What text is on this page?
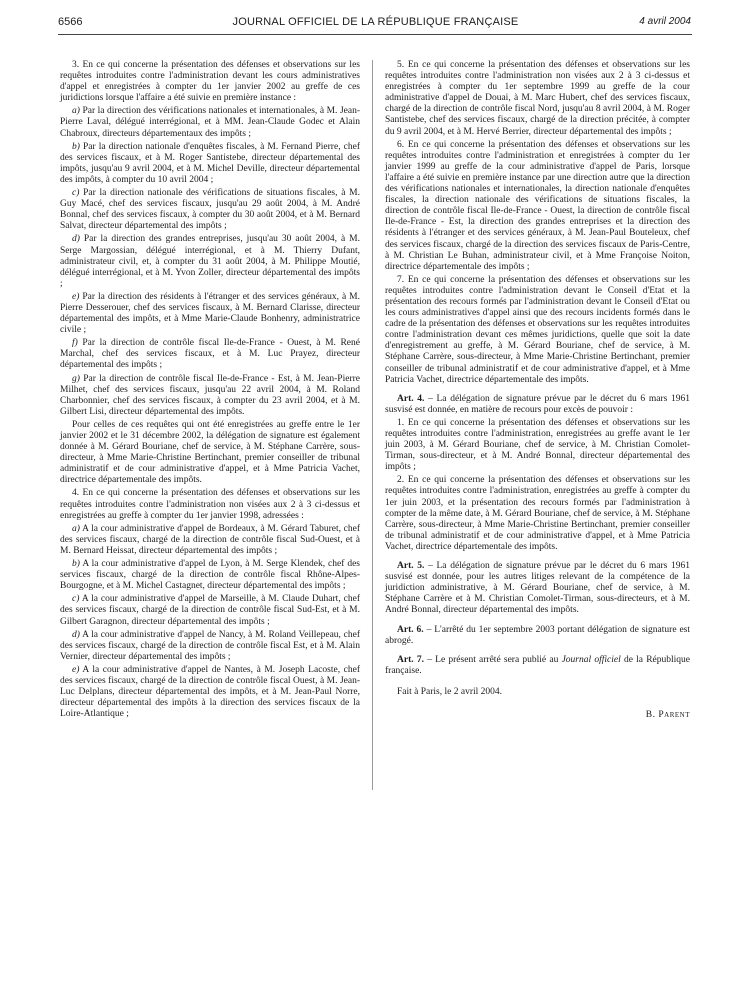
6566	JOURNAL OFFICIEL DE LA RÉPUBLIQUE FRANÇAISE	4 avril 2004

3. En ce qui concerne la présentation des défenses et observations sur les requêtes introduites contre l'administration devant les cours administratives d'appel et enregistrées à compter du 1er janvier 2002 au greffe de ces juridictions lorsque l'affaire a été suivie en première instance :

a) Par la direction des vérifications nationales et internationales, à M. Jean-Pierre Laval, délégué interrégional, et à MM. Jean-Claude Godec et Alain Chabroux, directeurs départementaux des impôts ;

b) Par la direction nationale d'enquêtes fiscales, à M. Fernand Pierre, chef des services fiscaux, et à M. Roger Santistebe, directeur départemental des impôts, jusqu'au 9 avril 2004, et à M. Michel Deville, directeur départemental des impôts, à compter du 10 avril 2004 ;

c) Par la direction nationale des vérifications de situations fiscales, à M. Guy Macé, chef des services fiscaux, jusqu'au 29 août 2004, à M. André Bonnal, chef des services fiscaux, à compter du 30 août 2004, et à M. Bernard Salvat, directeur départemental des impôts ;

d) Par la direction des grandes entreprises, jusqu'au 30 août 2004, à M. Serge Margossian, délégué interrégional, et à M. Thierry Dufant, administrateur civil, et, à compter du 31 août 2004, à M. Philippe Moutié, délégué interrégional, et à M. Yvon Zoller, directeur départemental des impôts ;

e) Par la direction des résidents à l'étranger et des services généraux, à M. Pierre Desserouer, chef des services fiscaux, à M. Bernard Clarisse, directeur départemental des impôts, et à Mme Marie-Claude Bonhenry, administratrice civile ;

f) Par la direction de contrôle fiscal Ile-de-France - Ouest, à M. René Marchal, chef des services fiscaux, et à M. Luc Prayez, directeur départemental des impôts ;

g) Par la direction de contrôle fiscal Ile-de-France - Est, à M. Jean-Pierre Milhet, chef des services fiscaux, jusqu'au 22 avril 2004, à M. Roland Charbonnier, chef des services fiscaux, à compter du 23 avril 2004, et à M. Gilbert Lisi, directeur départemental des impôts.

Pour celles de ces requêtes qui ont été enregistrées au greffe entre le 1er janvier 2002 et le 31 décembre 2002, la délégation de signature est également donnée à M. Gérard Bouriane, chef de service, à M. Stéphane Carrère, sous-directeur, à Mme Marie-Christine Bertinchant, premier conseiller de tribunal administratif et de cour administrative d'appel, et à Mme Patricia Vachet, directrice départementale des impôts.

4. En ce qui concerne la présentation des défenses et observations sur les requêtes introduites contre l'administration non visées aux 2 à 3 ci-dessus et enregistrées au greffe à compter du 1er janvier 1998, adressées :

a) A la cour administrative d'appel de Bordeaux, à M. Gérard Taburet, chef des services fiscaux, chargé de la direction de contrôle fiscal Sud-Ouest, et à M. Bernard Heissat, directeur départemental des impôts ;

b) A la cour administrative d'appel de Lyon, à M. Serge Klendek, chef des services fiscaux, chargé de la direction de contrôle fiscal Rhône-Alpes-Bourgogne, et à M. Michel Castagnet, directeur départemental des impôts ;

c) A la cour administrative d'appel de Marseille, à M. Claude Duhart, chef des services fiscaux, chargé de la direction de contrôle fiscal Sud-Est, et à M. Gilbert Garagnon, directeur départemental des impôts ;

d) A la cour administrative d'appel de Nancy, à M. Roland Veillepeau, chef des services fiscaux, chargé de la direction de contrôle fiscal Est, et à M. Alain Vernier, directeur départemental des impôts ;

e) A la cour administrative d'appel de Nantes, à M. Joseph Lacoste, chef des services fiscaux, chargé de la direction de contrôle fiscal Ouest, à M. Jean-Luc Delplans, directeur départemental des impôts, et à M. Jean-Paul Norre, directeur départemental des impôts à la direction des services fiscaux de la Loire-Atlantique ;

5. En ce qui concerne la présentation des défenses et observations sur les requêtes introduites contre l'administration non visées aux 2 à 3 ci-dessus et enregistrées à compter du 1er septembre 1999 au greffe de la cour administrative d'appel de Douai, à M. Marc Hubert, chef des services fiscaux, chargé de la direction de contrôle fiscal Nord, jusqu'au 8 avril 2004, à M. Roger Santistebe, chef des services fiscaux, chargé de la direction précitée, à compter du 9 avril 2004, et à M. Hervé Berrier, directeur départemental des impôts ;

6. En ce qui concerne la présentation des défenses et observations sur les requêtes introduites contre l'administration et enregistrées à compter du 1er janvier 1999 au greffe de la cour administrative d'appel de Paris, lorsque l'affaire a été suivie en première instance par une direction autre que la direction des vérifications nationales et internationales, la direction nationale d'enquêtes fiscales, la direction nationale des vérifications de situations fiscales, la direction de contrôle fiscal Ile-de-France - Ouest, la direction de contrôle fiscal Ile-de-France - Est, la direction des grandes entreprises et la direction des résidents à l'étranger et des services généraux, à M. Jean-Paul Bouteleux, chef des services fiscaux, chargé de la direction des services fiscaux de Paris-Centre, à M. Christian Le Buhan, administrateur civil, et à Mme Françoise Noiton, directrice départementale des impôts ;

7. En ce qui concerne la présentation des défenses et observations sur les requêtes introduites contre l'administration devant le Conseil d'Etat et la présentation des recours formés par l'administration devant le Conseil d'Etat ou les cours administratives d'appel ainsi que des recours incidents formés dans le cadre de la présentation des défenses et observations sur les requêtes introduites contre l'administration devant ces mêmes juridictions, quelle que soit la date d'enregistrement au greffe, à M. Gérard Bouriane, chef de service, à M. Stéphane Carrère, sous-directeur, à Mme Marie-Christine Bertinchant, premier conseiller de tribunal administratif et de cour administrative d'appel, et à Mme Patricia Vachet, directrice départementale des impôts.

Art. 4. – La délégation de signature prévue par le décret du 6 mars 1961 susvisé est donnée, en matière de recours pour excès de pouvoir :

1. En ce qui concerne la présentation des défenses et observations sur les requêtes introduites contre l'administration, enregistrées au greffe avant le 1er juin 2003, à M. Gérard Bouriane, chef de service, à M. Christian Comolet-Tirman, sous-directeur, et à M. André Bonnal, directeur départemental des impôts ;

2. En ce qui concerne la présentation des défenses et observations sur les requêtes introduites contre l'administration, enregistrées au greffe à compter du 1er juin 2003, et la présentation des recours formés par l'administration à compter de la même date, à M. Gérard Bouriane, chef de service, à M. Stéphane Carrère, sous-directeur, à Mme Marie-Christine Bertinchant, premier conseiller de tribunal administratif et de cour administrative d'appel, et à Mme Patricia Vachet, directrice départementale des impôts.

Art. 5. – La délégation de signature prévue par le décret du 6 mars 1961 susvisé est donnée, pour les autres litiges relevant de la compétence de la juridiction administrative, à M. Gérard Bouriane, chef de service, à M. Stéphane Carrère et à M. Christian Comolet-Tirman, sous-directeurs, et à M. André Bonnal, directeur départemental des impôts.

Art. 6. – L'arrêté du 1er septembre 2003 portant délégation de signature est abrogé.

Art. 7. – Le présent arrêté sera publié au Journal officiel de la République française.

Fait à Paris, le 2 avril 2004.

B. Parent
